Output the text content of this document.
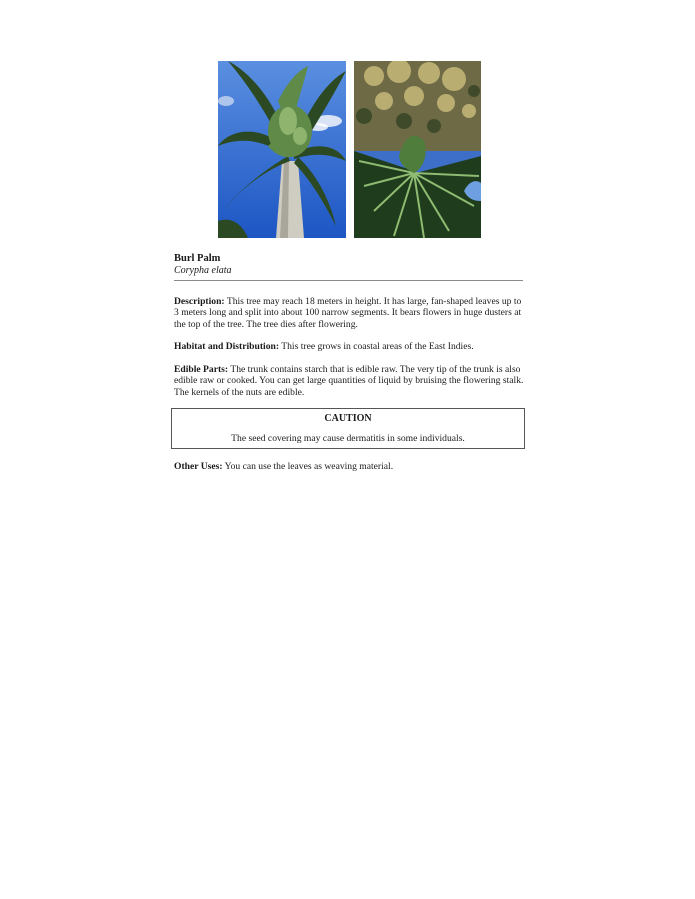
Burl Palm
Corypha elata
Description: This tree may reach 18 meters in height. It has large, fan-shaped leaves up to 3 meters long and split into about 100 narrow segments. It bears flowers in huge dusters at the top of the tree. The tree dies after flowering.
Habitat and Distribution: This tree grows in coastal areas of the East Indies.
Edible Parts: The trunk contains starch that is edible raw. The very tip of the trunk is also edible raw or cooked. You can get large quantities of liquid by bruising the flowering stalk. The kernels of the nuts are edible.
CAUTION
The seed covering may cause dermatitis in some individuals.
Other Uses: You can use the leaves as weaving material.
